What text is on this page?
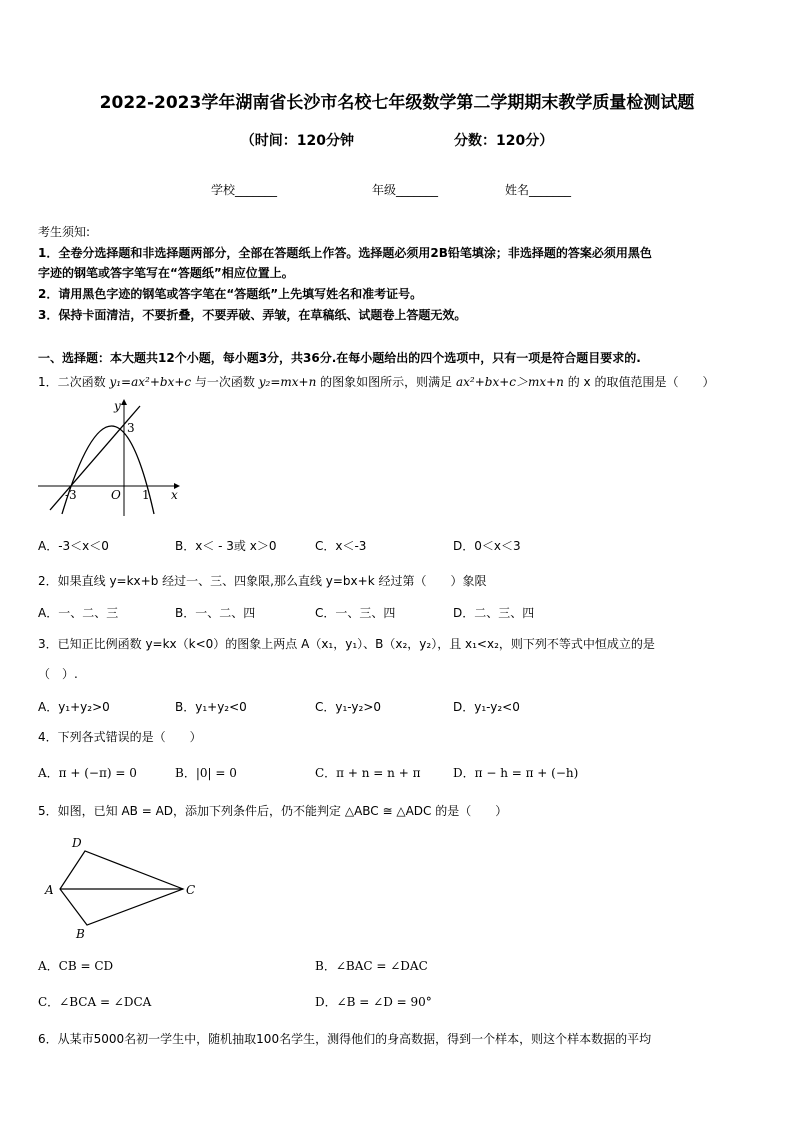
2022-2023学年湖南省长沙市名校七年级数学第二学期期末教学质量检测试题
（时间：120分钟	分数：120分）
学校_______	年级_______	姓名_______
考生须知:
1．全卷分选择题和非选择题两部分，全部在答题纸上作答。选择题必须用2B铅笔填涂；非选择题的答案必须用黑色
字迹的钢笔或答字笔写在“答题纸”相应位置上。
2．请用黑色字迹的钢笔或答字笔在“答题纸”上先填写姓名和准考证号。
3．保持卡面清洁，不要折叠，不要弄破、弄皱，在草稿纸、试题卷上答题无效。
一、选择题：本大题共12个小题，每小题3分，共36分.在每小题给出的四个选项中，只有一项是符合题目要求的.
1．二次函数 y₁=ax²+bx+c 与一次函数 y₂=mx+n 的图象如图所示，则满足 ax²+bx+c＞mx+n 的 x 的取值范围是（　　）
y
x
3
-3	O 1
A．-3＜x＜0	B．x＜ - 3或 x＞0	C．x＜-3	D．0＜x＜3
2．如果直线 y=kx+b 经过一、三、四象限,那么直线 y=bx+k 经过第（　　）象限
A．一、二、三	B．一、二、四	C．一、三、四	D．二、三、四
3．已知正比例函数 y=kx（k<0）的图象上两点 A（x₁，y₁）、B（x₂，y₂），且 x₁<x₂，则下列不等式中恒成立的是
（　）.
A．y₁+y₂>0	B．y₁+y₂<0	C．y₁-y₂>0	D．y₁-y₂<0
4．下列各式错误的是（　　）
A．π + (−π) = 0	B．|0| = 0	C．π + n = n + π	D．π − h = π + (−h)
5．如图，已知 AB = AD，添加下列条件后，仍不能判定 △ABC ≅ △ADC 的是（　　）
D
A
B
C
A．CB = CD	B．∠BAC = ∠DAC
C．∠BCA = ∠DCA	D．∠B = ∠D = 90°
6．从某市5000名初一学生中，随机抽取100名学生，测得他们的身高数据，得到一个样本，则这个样本数据的平均
